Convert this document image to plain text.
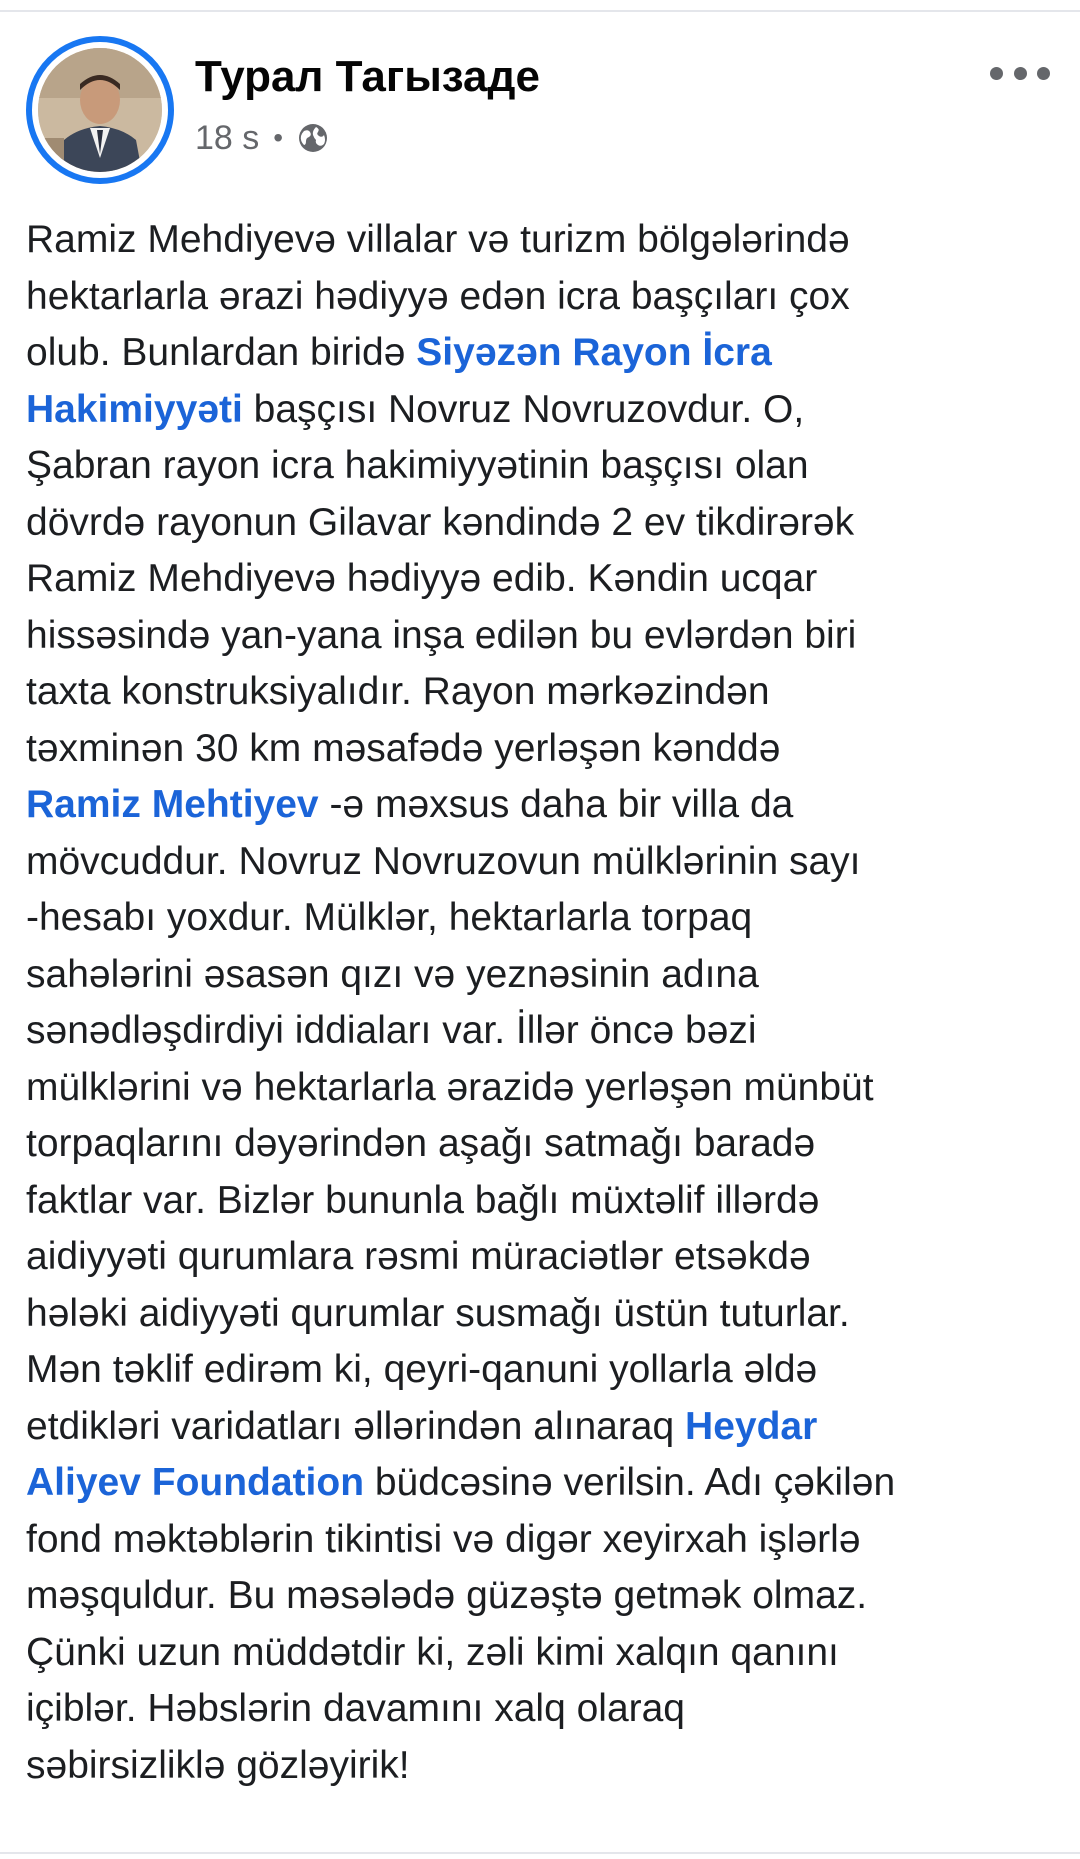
Турал Тагызаде
18 s •
Ramiz Mehdiyevə villalar və turizm bölgələrində
hektarlarla ərazi hədiyyə edən icra başçıları çox
olub. Bunlardan biridə Siyəzən Rayon İcra
Hakimiyyəti başçısı Novruz Novruzovdur. O,
Şabran rayon icra hakimiyyətinin başçısı olan
dövrdə rayonun Gilavar kəndində 2 ev tikdirərək
Ramiz Mehdiyevə hədiyyə edib. Kəndin ucqar
hissəsində yan-yana inşa edilən bu evlərdən biri
taxta konstruksiyalıdır. Rayon mərkəzindən
təxminən 30 km məsafədə yerləşən kənddə
Ramiz Mehtiyev -ə məxsus daha bir villa da
mövcuddur. Novruz Novruzovun mülklərinin sayı
-hesabı yoxdur. Mülklər, hektarlarla torpaq
sahələrini əsasən qızı və yeznəsinin adına
sənədləşdirdiyi iddiaları var. İllər öncə bəzi
mülklərini və hektarlarla ərazidə yerləşən münbüt
torpaqlarını dəyərindən aşağı satmağı baradə
faktlar var. Bizlər bununla bağlı müxtəlif illərdə
aidiyyəti qurumlara rəsmi müraciətlər etsəkdə
hələki aidiyyəti qurumlar susmağı üstün tuturlar.
Mən təklif edirəm ki, qeyri-qanuni yollarla əldə
etdikləri varidatları əllərindən alınaraq Heydar
Aliyev Foundation büdcəsinə verilsin. Adı çəkilən
fond məktəblərin tikintisi və digər xeyirxah işlərlə
məşquldur. Bu məsələdə güzəştə getmək olmaz.
Çünki uzun müddətdir ki, zəli kimi xalqın qanını
içiblər. Həbslərin davamını xalq olaraq
səbirsizliklə gözləyirik!
